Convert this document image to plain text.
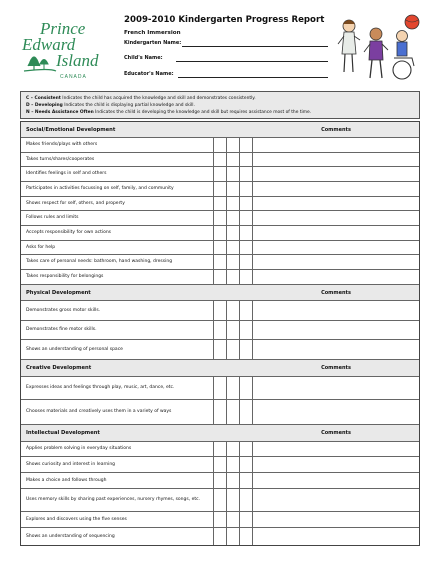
Prince
Edward
Island
CANADA
2009-2010 Kindergarten Progress Report
French Immersion
Kindergarten Name:
Child's Name:
Educator's Name:
C – Consistent Indicates the child has acquired the knowledge and skill and demonstrates consistently.
D – Developing Indicates the child is displaying partial knowledge and skill.
N – Needs Assistance Often Indicates the child is developing the knowledge and skill but requires assistance most of the time.
Social/Emotional Development	Comments
Makes friends/plays with others
Takes turns/shares/cooperates
Identifies feelings in self and others
Participates in activities focussing on self, family, and community
Shows respect for self, others, and property
Follows rules and limits
Accepts responsibility for own actions
Asks for help
Takes care of personal needs: bathroom, hand washing, dressing
Takes responsibility for belongings
Physical Development	Comments
Demonstrates gross motor skills.
Demonstrates fine motor skills.
Shows an understanding of personal space
Creative Development	Comments
Expresses ideas and feelings through play, music, art, dance, etc.
Chooses materials and creatively uses them in a variety of ways
Intellectual Development	Comments
Applies problem solving in everyday situations
Shows curiosity and interest in learning
Makes a choice and follows through
Uses memory skills by sharing past experiences, nursery rhymes, songs, etc.
Explores and discovers using the five senses
Shows an understanding of sequencing
